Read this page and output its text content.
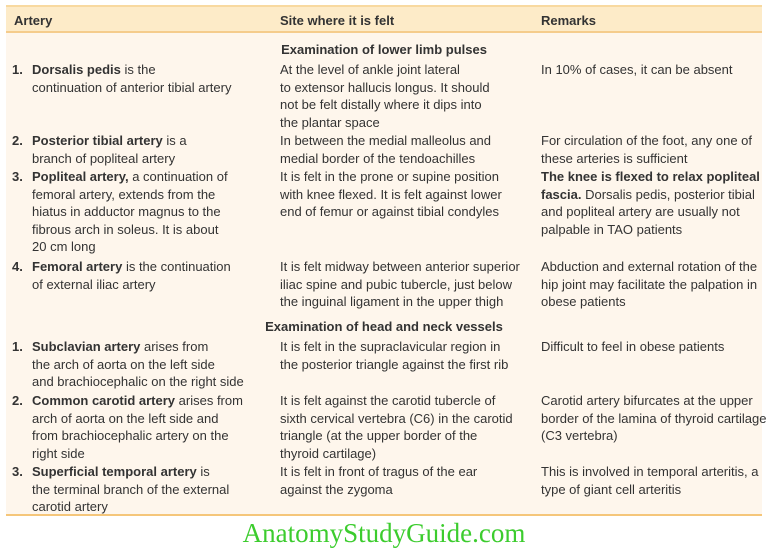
Artery	Site where it is felt	Remarks
Examination of lower limb pulses
1. Dorsalis pedis is the
continuation of anterior tibial artery
At the level of ankle joint lateral
to extensor hallucis longus. It should
not be felt distally where it dips into
the plantar space
In 10% of cases, it can be absent
2. Posterior tibial artery is a
branch of popliteal artery
In between the medial malleolus and
medial border of the tendoachilles
For circulation of the foot, any one of
these arteries is sufficient
3. Popliteal artery, a continuation of
femoral artery, extends from the
hiatus in adductor magnus to the
fibrous arch in soleus. It is about
20 cm long
It is felt in the prone or supine position
with knee flexed. It is felt against lower
end of femur or against tibial condyles
The knee is flexed to relax popliteal
fascia. Dorsalis pedis, posterior tibial
and popliteal artery are usually not
palpable in TAO patients
4. Femoral artery is the continuation
of external iliac artery
It is felt midway between anterior superior
iliac spine and pubic tubercle, just below
the inguinal ligament in the upper thigh
Abduction and external rotation of the
hip joint may facilitate the palpation in
obese patients
Examination of head and neck vessels
1. Subclavian artery arises from
the arch of aorta on the left side
and brachiocephalic on the right side
It is felt in the supraclavicular region in
the posterior triangle against the first rib
Difficult to feel in obese patients
2. Common carotid artery arises from
arch of aorta on the left side and
from brachiocephalic artery on the
right side
It is felt against the carotid tubercle of
sixth cervical vertebra (C6) in the carotid
triangle (at the upper border of the
thyroid cartilage)
Carotid artery bifurcates at the upper
border of the lamina of thyroid cartilage
(C3 vertebra)
3. Superficial temporal artery is
the terminal branch of the external
carotid artery
It is felt in front of tragus of the ear
against the zygoma
This is involved in temporal arteritis, a
type of giant cell arteritis
AnatomyStudyGuide.com
